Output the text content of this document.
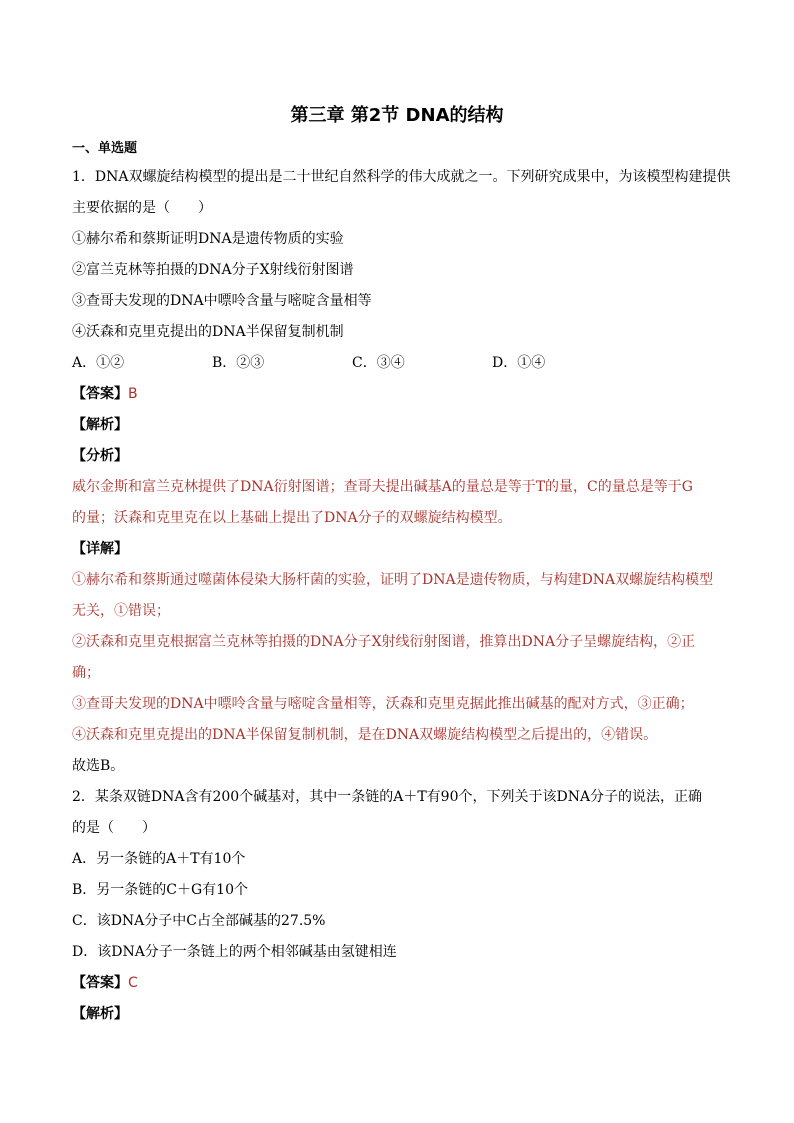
第三章 第2节 DNA的结构
一、单选题
1．DNA双螺旋结构模型的提出是二十世纪自然科学的伟大成就之一。下列研究成果中，为该模型构建提供
主要依据的是（　　）
①赫尔希和蔡斯证明DNA是遗传物质的实验
②富兰克林等拍摄的DNA分子X射线衍射图谱
③查哥夫发现的DNA中嘌呤含量与嘧啶含量相等
④沃森和克里克提出的DNA半保留复制机制
A．①②	B．②③	C．③④	D．①④
【答案】B
【解析】
【分析】
威尔金斯和富兰克林提供了DNA衍射图谱；查哥夫提出碱基A的量总是等于T的量，C的量总是等于G
的量；沃森和克里克在以上基础上提出了DNA分子的双螺旋结构模型。
【详解】
①赫尔希和蔡斯通过噬菌体侵染大肠杆菌的实验，证明了DNA是遗传物质，与构建DNA双螺旋结构模型
无关，①错误；
②沃森和克里克根据富兰克林等拍摄的DNA分子X射线衍射图谱，推算出DNA分子呈螺旋结构，②正
确；
③查哥夫发现的DNA中嘌呤含量与嘧啶含量相等，沃森和克里克据此推出碱基的配对方式，③正确；
④沃森和克里克提出的DNA半保留复制机制，是在DNA双螺旋结构模型之后提出的，④错误。
故选B。
2．某条双链DNA含有200个碱基对，其中一条链的A＋T有90个，下列关于该DNA分子的说法，正确
的是（　　）
A．另一条链的A＋T有10个
B．另一条链的C＋G有10个
C．该DNA分子中C占全部碱基的27.5%
D．该DNA分子一条链上的两个相邻碱基由氢键相连
【答案】C
【解析】
